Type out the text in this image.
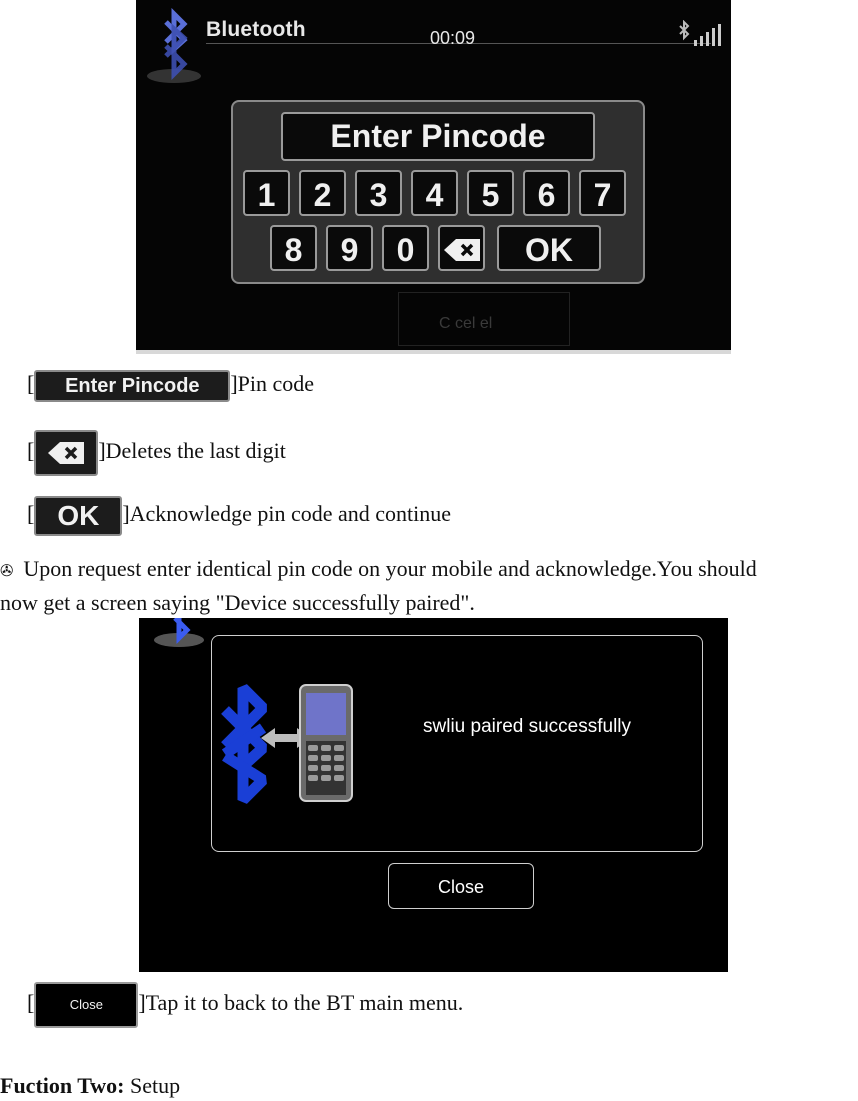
Bluetooth	00:09
Enter Pincode
1	2	3	4	5	6	7
8	9	0	OK
C cel el
[ Enter Pincode ]Pin code
[	]Deletes the last digit
[ OK ]Acknowledge pin code and continue
✇ Upon request enter identical pin code on your mobile and acknowledge.You should
now get a screen saying "Device successfully paired".
swliu paired successfully
Close
[	Close ]Tap it to back to the BT main menu.
Fuction Two: Setup
